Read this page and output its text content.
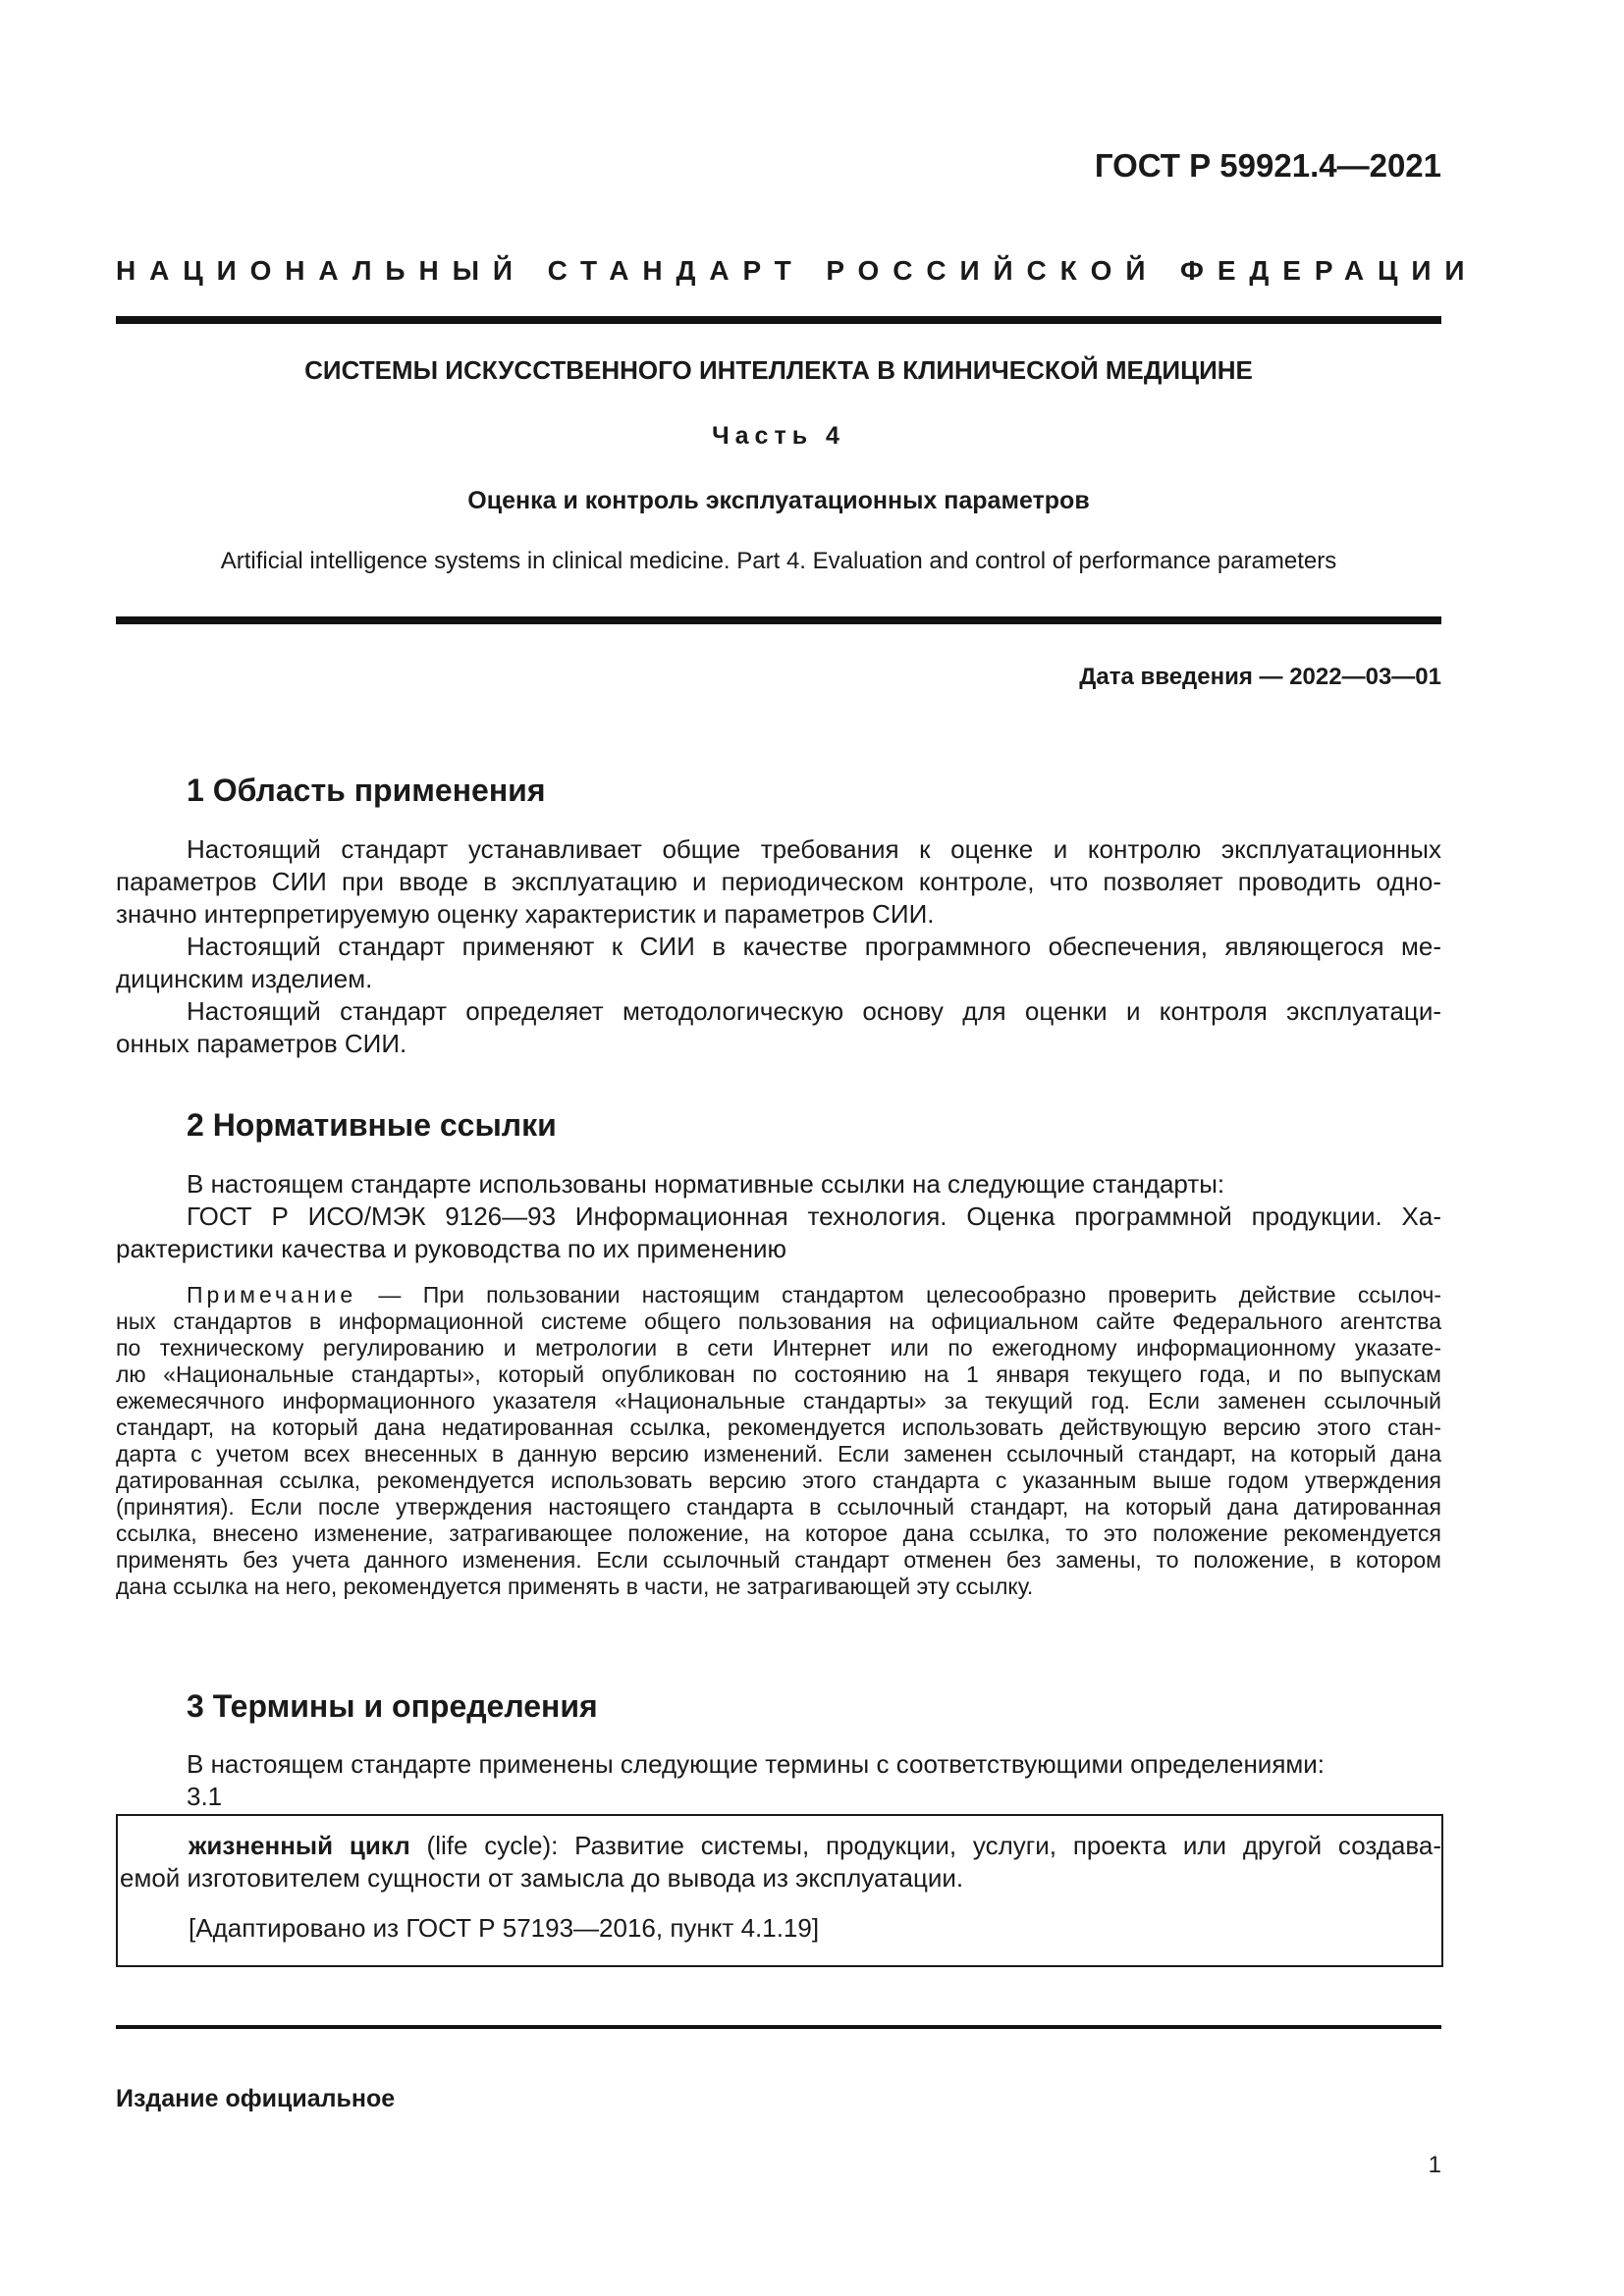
ГОСТ Р 59921.4—2021
НАЦИОНАЛЬНЫЙ СТАНДАРТ РОССИЙСКОЙ ФЕДЕРАЦИИ
СИСТЕМЫ ИСКУССТВЕННОГО ИНТЕЛЛЕКТА В КЛИНИЧЕСКОЙ МЕДИЦИНЕ
Часть 4
Оценка и контроль эксплуатационных параметров
Artificial intelligence systems in clinical medicine. Part 4. Evaluation and control of performance parameters
Дата введения — 2022—03—01
1 Область применения
Настоящий стандарт устанавливает общие требования к оценке и контролю эксплуатационных
параметров СИИ при вводе в эксплуатацию и периодическом контроле, что позволяет проводить одно-
значно интерпретируемую оценку характеристик и параметров СИИ.
Настоящий стандарт применяют к СИИ в качестве программного обеспечения, являющегося ме-
дицинским изделием.
Настоящий стандарт определяет методологическую основу для оценки и контроля эксплуатаци-
онных параметров СИИ.
2 Нормативные ссылки
В настоящем стандарте использованы нормативные ссылки на следующие стандарты:
ГОСТ Р ИСО/МЭК 9126—93 Информационная технология. Оценка программной продукции. Ха-
рактеристики качества и руководства по их применению
Примечание — При пользовании настоящим стандартом целесообразно проверить действие ссылоч-
ных стандартов в информационной системе общего пользования на официальном сайте Федерального агентства
по техническому регулированию и метрологии в сети Интернет или по ежегодному информационному указате-
лю «Национальные стандарты», который опубликован по состоянию на 1 января текущего года, и по выпускам
ежемесячного информационного указателя «Национальные стандарты» за текущий год. Если заменен ссылочный
стандарт, на который дана недатированная ссылка, рекомендуется использовать действующую версию этого стан-
дарта с учетом всех внесенных в данную версию изменений. Если заменен ссылочный стандарт, на который дана
датированная ссылка, рекомендуется использовать версию этого стандарта с указанным выше годом утверждения
(принятия). Если после утверждения настоящего стандарта в ссылочный стандарт, на который дана датированная
ссылка, внесено изменение, затрагивающее положение, на которое дана ссылка, то это положение рекомендуется
применять без учета данного изменения. Если ссылочный стандарт отменен без замены, то положение, в котором
дана ссылка на него, рекомендуется применять в части, не затрагивающей эту ссылку.
3 Термины и определения
В настоящем стандарте применены следующие термины с соответствующими определениями:
3.1
жизненный цикл (life cycle): Развитие системы, продукции, услуги, проекта или другой создава-
емой изготовителем сущности от замысла до вывода из эксплуатации.
[Адаптировано из ГОСТ Р 57193—2016, пункт 4.1.19]
Издание официальное
1
